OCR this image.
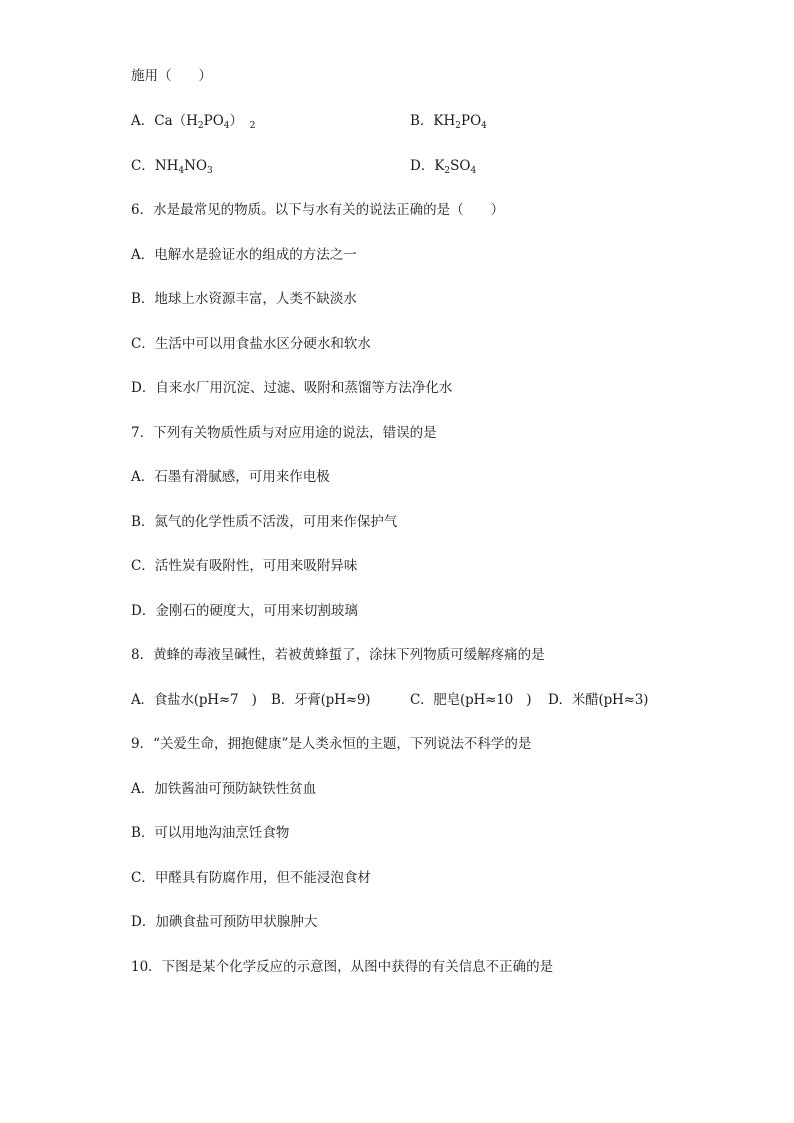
施用（　　）
A．$Ca(H_2PO_4)$  $_2$	B．$KH_2PO_4$
C．$NH_4NO_3$	D．$K_2SO_4$
6．水是最常见的物质。以下与水有关的说法正确的是（　　）
A．电解水是验证水的组成的方法之一
B．地球上水资源丰富，人类不缺淡水
C．生活中可以用食盐水区分硬水和软水
D．自来水厂用沉淀、过滤、吸附和蒸馏等方法净化水
7．下列有关物质性质与对应用途的说法，错误的是
A．石墨有滑腻感，可用来作电极
B．氮气的化学性质不活泼，可用来作保护气
C．活性炭有吸附性，可用来吸附异味
D．金刚石的硬度大，可用来切割玻璃
8．黄蜂的毒液呈碱性，若被黄蜂蜇了，涂抹下列物质可缓解疼痛的是
A．食盐水(pH≈7　) B．牙膏(pH≈9)	C．肥皂(pH≈10　) D．米醋(pH≈3)
9．“关爱生命，拥抱健康”是人类永恒的主题，下列说法不科学的是
A．加铁酱油可预防缺铁性贫血
B．可以用地沟油烹饪食物
C．甲醛具有防腐作用，但不能浸泡食材
D．加碘食盐可预防甲状腺肿大
10．下图是某个化学反应的示意图，从图中获得的有关信息不正确的是
